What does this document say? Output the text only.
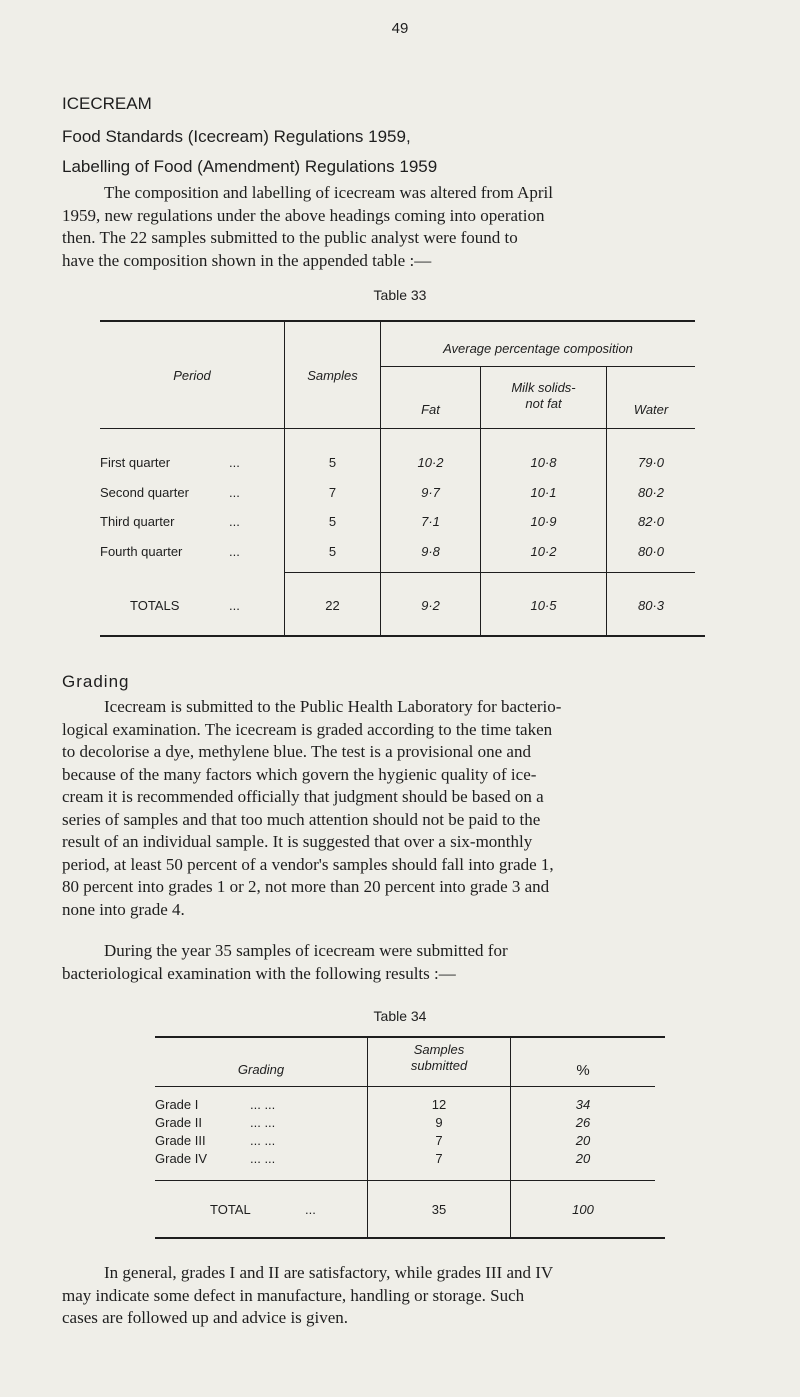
49
ICECREAM
Food Standards (Icecream) Regulations 1959,
Labelling of Food (Amendment) Regulations 1959
The composition and labelling of icecream was altered from April
1959, new regulations under the above headings coming into operation
then. The 22 samples submitted to the public analyst were found to
have the composition shown in the appended table :—
Table 33
Period	Samples
Average percentage composition
Fat
Milk solids-
not fat	Water
First quarter	...	5	10·2	10·8	79·0
Second quarter	...	7	9·7	10·1	80·2
Third quarter	...	5	7·1	10·9	82·0
Fourth quarter	...	5	9·8	10·2	80·0
TOTALS	...	22	9·2	10·5	80·3
Grading
Icecream is submitted to the Public Health Laboratory for bacterio-
logical examination. The icecream is graded according to the time taken
to decolorise a dye, methylene blue. The test is a provisional one and
because of the many factors which govern the hygienic quality of ice-
cream it is recommended officially that judgment should be based on a
series of samples and that too much attention should not be paid to the
result of an individual sample. It is suggested that over a six-monthly
period, at least 50 percent of a vendor's samples should fall into grade 1,
80 percent into grades 1 or 2, not more than 20 percent into grade 3 and
none into grade 4.
During the year 35 samples of icecream were submitted for
bacteriological examination with the following results :—
Table 34
Grading
Samples
submitted	%
Grade I	... ...	12	34
Grade II	... ...	9	26
Grade III	... ...	7	20
Grade IV	... ...	7	20
TOTAL	...	35	100
In general, grades I and II are satisfactory, while grades III and IV
may indicate some defect in manufacture, handling or storage. Such
cases are followed up and advice is given.
